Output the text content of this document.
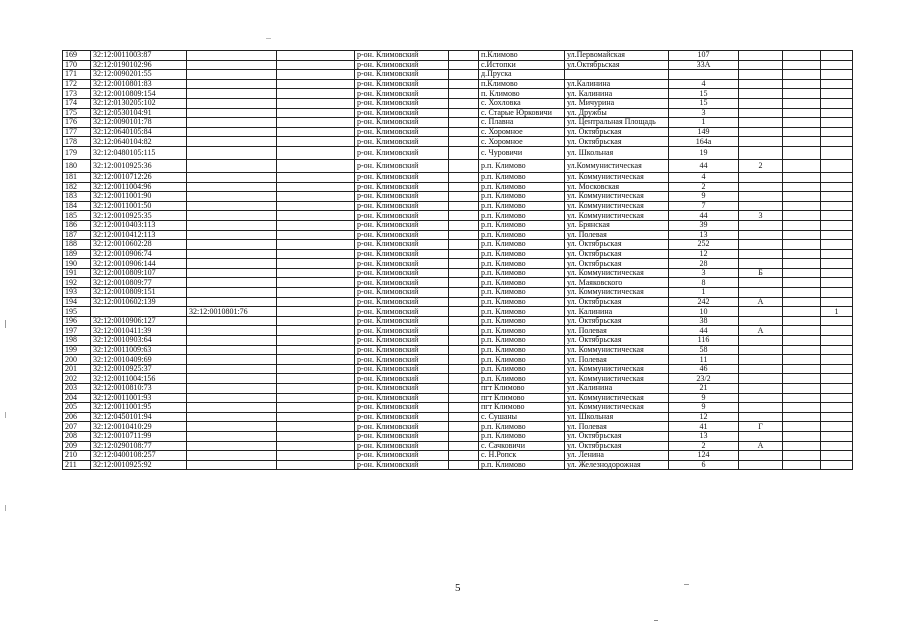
169	32:12:0011003:87			р-он. Климовский		п.Климово	ул.Первомайская	107			
170	32:12:0190102:96			р-он. Климовский		с.Истопки	ул.Октябрьская	33А			
171	32:12:0090201:55			р-он. Климовский		д.Пруска					
172	32:12:0010801:83			р-он. Климовский		п.Климово	ул.Калинина	4			
173	32:12:0010809:154			р-он. Климовский		п. Климово	ул. Калинина	15			
174	32:12:0130205:102			р-он. Климовский		с. Хохловка	ул. Мичурина	15			
175	32:12:0530104:91			р-он. Климовский		с. Старые Юрковичи	ул. Дружбы	3			
176	32:12:0090101:78			р-он. Климовский		с. Плавна	ул. Центральная Площадь	1			
177	32:12:0640105:84			р-он. Климовский		с. Хоромное	ул. Октябрьская	149			
178	32:12:0640104:82			р-он. Климовский		с. Хоромное	ул. Октябрьская	164а			
179	32:12:0480105:115			р-он. Климовский		с. Чуровичи	ул. Школьная	19			
180	32:12:0010925:36			р-он. Климовский		р.п. Климово	ул.Коммунистическая	44	2		
181	32:12:0010712:26			р-он. Климовский		р.п. Климово	ул. Коммунистическая	4			
182	32:12:0011004:96			р-он. Климовский		р.п. Климово	ул. Московская	2			
183	32:12:0011001:90			р-он. Климовский		р.п. Климово	ул. Коммунистическая	9			
184	32:12:0011001:50			р-он. Климовский		р.п. Климово	ул. Коммунистическая	7			
185	32:12:0010925:35			р-он. Климовский		р.п. Климово	ул. Коммунистическая	44	3		
186	32:12:0010403:113			р-он. Климовский		р.п. Климово	ул. Брянская	39			
187	32:12:0010412:113			р-он. Климовский		р.п. Климово	ул. Полевая	13			
188	32:12:0010602:28			р-он. Климовский		р.п. Климово	ул. Октябрьская	252			
189	32:12:0010906:74			р-он. Климовский		р.п. Климово	ул. Октябрьская	12			
190	32:12:0010906:144			р-он. Климовский		р.п. Климово	ул. Октябрьская	28			
191	32:12:0010809:107			р-он. Климовский		р.п. Климово	ул. Коммунистическая	3	Б		
192	32:12:0010809:77			р-он. Климовский		р.п. Климово	ул. Маяковского	8			
193	32:12:0010809:151			р-он. Климовский		р.п. Климово	ул. Коммунистическая	1			
194	32:12:0010602:139			р-он. Климовский		р.п. Климово	ул. Октябрьская	242	А		
195		32:12:0010801:76		р-он. Климовский		р.п. Климово	ул. Калинина	10			1
196	32:12:0010906:127			р-он. Климовский		р.п. Климово	ул. Октябрьская	38			
197	32:12:0010411:39			р-он. Климовский		р.п. Климово	ул. Полевая	44	А		
198	32:12:0010903:64			р-он. Климовский		р.п. Климово	ул. Октябрьская	116			
199	32:12:0011009:63			р-он. Климовский		р.п. Климово	ул. Коммунистическая	58			
200	32:12:0010409:69			р-он. Климовский		р.п. Климово	ул. Полевая	11			
201	32:12:0010925:37			р-он. Климовский		р.п. Климово	ул. Коммунистическая	46			
202	32:12:0011004:156			р-он. Климовский		р.п. Климово	ул. Коммунистическая	23/2			
203	32:12:0010810:73			р-он. Климовский		пгт Климово	ул .Калинина	21			
204	32:12:0011001:93			р-он. Климовский		пгт Климово	ул. Коммунистическая	9			
205	32:12:0011001:95			р-он. Климовский		пгт Климово	ул. Коммунистическая	9			
206	32:12:0450101:94			р-он. Климовский		с. Сушаны	ул. Школьная	12			
207	32:12:0010410:29			р-он. Климовский		р.п. Климово	ул. Полевая	41	Г		
208	32:12:0010711:99			р-он. Климовский		р.п. Климово	ул. Октябрьская	13			
209	32:12:0290108:77			р-он. Климовский		с. Сачковичи	ул. Октябрьская	2	А		
210	32:12:0400108:257			р-он. Климовский		с. Н.Ропск	ул. Ленина	124			
211	32:12:0010925:92			р-он. Климовский		р.п. Климово	ул. Железнодорожная	6			
5
